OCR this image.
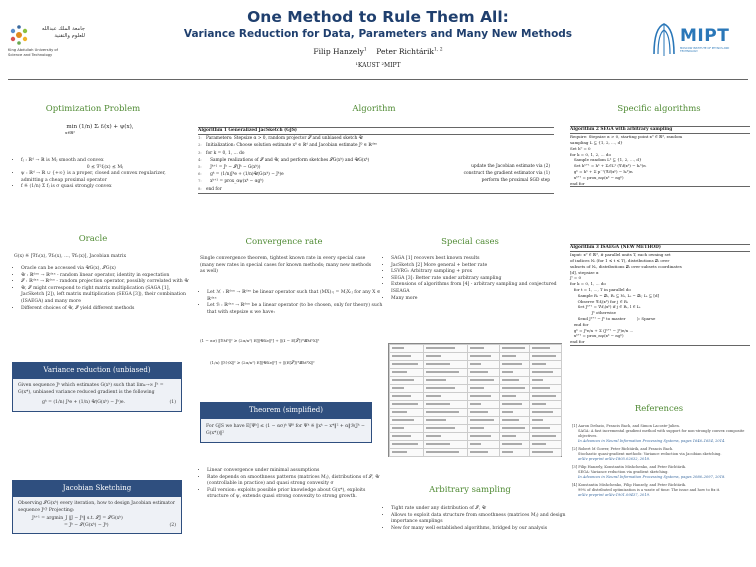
جامعة الملك عبدالله للعلوم والتقنية
King Abdullah University of Science and Technology
One Method to Rule Them All:
Variance Reduction for Data, Parameters and Many New Methods
Filip Hanzely$^1$ Peter Richtárik$^{1, 2}$
¹KAUST ²MIPT
MIPT
MOSCOW INSTITUTE OF PHYSICS AND TECHNOLOGY
Optimization Problem
min (1/n) Σᵢ fᵢ(x) + ψ(x),
x∈ℝᵈ
• fⱼ : ℝᵈ → ℝ is Mⱼ smooth and convex
0 ⪯ ∇²fⱼ(x) ⪯ Mⱼ
• ψ : ℝᵈ → ℝ ∪ {+∞} is a proper, closed and convex regularizer, admitting a cheap proximal operator
• f ≝ (1/n) Σ fⱼ is σ quasi strongly convex
Oracle
G(x) ≝ [∇f₁(x), ∇f₂(x), …, ∇fₙ(x)], Jacobian matrix
• Oracle can be accessed via 𝒰G(x), 𝒮G(x)
• 𝒰 : ℝᵈˣⁿ → ℝᵈˣⁿ - random linear operator, identity in expectation
• 𝒮 : ℝᵈˣⁿ → ℝᵈˣⁿ - random projection operator, possibly correlated with 𝒰
• 𝒰, 𝒮 might correspond to right matrix multiplication (SAGA [1], JacSketch [2]), left matrix multiplication (SEGA [3]), their combination (ISAEGA) and many more
• Different choices of 𝒰, 𝒮 yield different methods
Variance reduction (unbiased)
Given sequence Jᵏ which estimates G(xᵏ) such that limₖ→∞ Jᵏ = G(x*), unbiased variance reduced gradient is the following
gᵏ = (1/n) Jᵏe + (1/n) 𝒰(G(xᵏ) − Jᵏ)e.	(1)
Jacobian Sketching
Observing 𝒮G(xᵏ) every iteration, how to design Jacobian estimator sequence Jᵏ? Projecting:
Jᵏ⁺¹ = argmin_J ‖J − Jᵏ‖ s.t. 𝒮J = 𝒮G(xᵏ)
= Jᵏ − 𝒮(G(xᵏ) − Jᵏ)	(2)
Algorithm
Algorithm 1 Generalized JacSketch (GJS)
1: Parameters: Stepsize α > 0, random projector 𝒮 and unbiased sketch 𝒰
2: Initialization: Choose solution estimate x⁰ ∈ ℝᵈ and Jacobian estimate J⁰ ∈ ℝᵈˣⁿ
3: for k = 0, 1, … do
4:   Sample realizations of 𝒮 and 𝒰, and perform sketches 𝒮G(xᵏ) and 𝒰G(xᵏ)
5:   Jᵏ⁺¹ = Jᵏ − 𝒮(Jᵏ − G(xᵏ))	update the Jacobian estimate via (2)
6:   gᵏ = (1/n)Jᵏe + (1/n)𝒰(G(xᵏ) − Jᵏ)e	construct the gradient estimator via (1)
7:   xᵏ⁺¹ = prox_αψ(xᵏ − αgᵏ)	perform the proximal SGD step
8: end for
Convergence rate
Single convergence theorem, tightest known rate in every special case (many new rates in special cases for known methods; many new methods as well)
• Let ℳ : ℝᵈˣⁿ → ℝᵈˣⁿ be linear operator such that (MX):ⱼ = MⱼX:ⱼ for any X ∈ ℝᵈˣⁿ
• Let ℬ : ℝᵈˣⁿ → ℝᵈˣⁿ be a linear operator (to be chosen, only for theory) such that with stepsize α we have:
(1 − ασ) ‖ℬMᵏ‖² ≥ (2α/n²) E[‖𝒰Xe‖²] + ‖(𝕀 − E[𝒮])*ℬMᵏX‖²
(1/n) ‖ℳ†X‖² ≥ (2α/n²) E[‖𝒰Xe‖²] + ‖(E[𝒮])*ℬMᵏX‖²
Theorem (simplified)
For GJS we have E[Ψᵏ] ≤ (1 − ασ)ᵏ Ψ⁰ for Ψᵏ ≝ ‖xᵏ − x*‖² + α‖ℬ(Jᵏ − G(x*))‖²
• Linear convergence under minimal assumptions
• Rate depends on smoothness patterns (matrices Mⱼ), distributions of 𝒮, 𝒰 (controllable in practice) and quasi strong convexity σ
• Full version: exploits possible prior knowledge about G(x*), exploits structure of ψ, extends quasi strong convexity to strong growth.
Special cases
• SAGA [1] recovers best known results
• JacSketch [2] More general + better rate
• LSVRG: Arbitrary sampling + prox
• SEGA [3]: Better rate under arbitrary sampling
• Extensions of algorithms from [4] - arbitrary sampling and conjectured ISEAGA
• Many more
Arbitrary sampling
• Tight rate under any distribution of 𝒮, 𝒰
• Allows to exploit data structure from smoothness (matrices Mⱼ) and design importance samplings
• New for many well established algorithms, bridged by our analysis
Specific algorithms
Algorithm 2 SEGA with arbitrary sampling
Require: Stepsize α > 0, starting point x⁰ ∈ ℝᵈ, random
sampling L ⊆ {1, 2, …, d}
Set h⁰ = 0
for k = 0, 1, 2, … do
Sample random Lᵏ ⊆ {1, 2, …, d}
Set hᵏ⁺¹ = hᵏ + Σᵢ∈Lᵏ (∇ᵢf(xᵏ) − hᵢᵏ)eᵢ
gᵏ = hᵏ + Σ p⁻¹(∇ᵢf(xᵏ) − hᵢᵏ)eᵢ
xᵏ⁺¹ = prox_αψ(xᵏ − αgᵏ)
end for
Algorithm 3 ISAEGA (NEW METHOD)
Input: x⁰ ∈ ℝᵈ, # parallel units T, each owning set
of indices Nₜ (for 1 ≤ t ≤ T), distributions 𝒟ₜ over
subsets of Nₜ, distributions 𝒟ₜ over subsets coordinates
[d], stepsize α
Jᵗ = 0
for k = 0, 1, … do
for t = 1, …, T in parallel do
Sample Rₜ ∼ 𝒟ₜ, Rₜ ⊆ Nₜ, Lₜ ∼ 𝒟ₜ; Lₜ ⊆ [d]
Observe ∇ₗfⱼ(xᵏ) for j ∈ Rₜ
Set Jᵏ⁺¹ = ∇ₗfⱼ(xᵏ) if j ∈ Rₜ, l ∈ Lₜ
Jᵏ otherwise
Send Jᵏ⁺¹ − Jᵏ to master         ▷ Sparse
end for
gᵏ = Jᵏe/n + Σ (Jᵏ⁺¹ − Jᵏ)e/n ...
xᵏ⁺¹ = prox_αψ(xᵏ − αgᵏ)
end for
References
[1] Aaron Defazio, Francis Bach, and Simon Lacoste-Julien.
SAGA: A fast incremental gradient method with support for non-strongly convex composite objectives.
In Advances in Neural Information Processing Systems, pages 1646–1654, 2014.
[2] Robert M Gower, Peter Richtárik, and Francis Bach.
Stochastic quasi-gradient methods: Variance reduction via Jacobian sketching.
arXiv preprint arXiv:1805.02632, 2018.
[3] Filip Hanzely, Konstantin Mishchenko, and Peter Richtárik.
SEGA: Variance reduction via gradient sketching.
In Advances in Neural Information Processing Systems, pages 2086–2097, 2018.
[4] Konstantin Mishchenko, Filip Hanzely, and Peter Richtárik.
99% of distributed optimization is a waste of time: The issue and how to fix it.
arXiv preprint arXiv:1901.09437, 2019.
